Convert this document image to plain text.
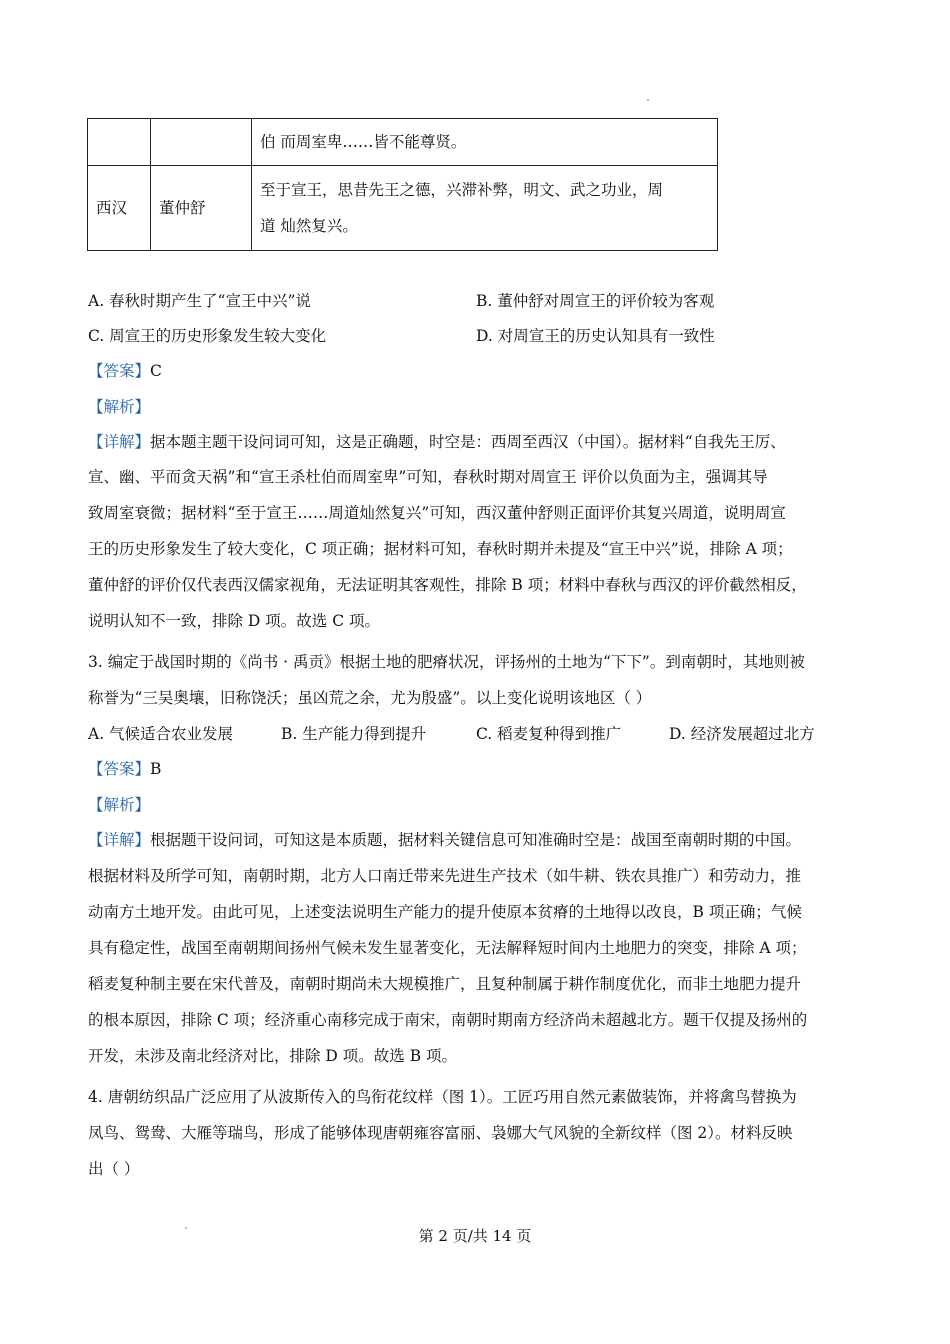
		伯 而周室卑……皆不能尊贤。
西汉	董仲舒	至于宣王，思昔先王之德，兴滞补弊，明文、武之功业，周
道 灿然复兴。
A. 春秋时期产生了“宣王中兴”说	B. 董仲舒对周宣王的评价较为客观
C. 周宣王的历史形象发生较大变化	D. 对周宣王的历史认知具有一致性
【答案】C
【解析】
【详解】据本题主题干设问词可知，这是正确题，时空是：西周至西汉（中国）。据材料“自我先王厉、
宣、幽、平而贪天祸”和“宣王杀杜伯而周室卑”可知，春秋时期对周宣王 评价以负面为主，强调其导
致周室衰微；据材料“至于宣王……周道灿然复兴”可知，西汉董仲舒则正面评价其复兴周道，说明周宣
王的历史形象发生了较大变化，C 项正确；据材料可知，春秋时期并未提及“宣王中兴”说，排除 A 项；
董仲舒的评价仅代表西汉儒家视角，无法证明其客观性，排除 B 项；材料中春秋与西汉的评价截然相反，
说明认知不一致，排除 D 项。故选 C 项。
3. 编定于战国时期的《尚书 · 禹贡》根据土地的肥瘠状况，评扬州的土地为“下下”。到南朝时，其地则被
称誉为“三吴奥壤，旧称饶沃；虽凶荒之余，尤为殷盛”。以上变化说明该地区（ ）
A. 气候适合农业发展	B. 生产能力得到提升	C. 稻麦复种得到推广	D. 经济发展超过北方
【答案】B
【解析】
【详解】根据题干设问词，可知这是本质题，据材料关键信息可知准确时空是：战国至南朝时期的中国。
根据材料及所学可知，南朝时期，北方人口南迁带来先进生产技术（如牛耕、铁农具推广）和劳动力，推
动南方土地开发。由此可见，上述变法说明生产能力的提升使原本贫瘠的土地得以改良，B 项正确；气候
具有稳定性，战国至南朝期间扬州气候未发生显著变化，无法解释短时间内土地肥力的突变，排除 A 项；
稻麦复种制主要在宋代普及，南朝时期尚未大规模推广，且复种制属于耕作制度优化，而非土地肥力提升
的根本原因，排除 C 项；经济重心南移完成于南宋，南朝时期南方经济尚未超越北方。题干仅提及扬州的
开发，未涉及南北经济对比，排除 D 项。故选 B 项。
4. 唐朝纺织品广泛应用了从波斯传入的鸟衔花纹样（图 1）。工匠巧用自然元素做装饰，并将禽鸟替换为
凤鸟、鸳鸯、大雁等瑞鸟，形成了能够体现唐朝雍容富丽、袅娜大气风貌的全新纹样（图 2）。材料反映
出（ ）
第 2 页/共 14 页
